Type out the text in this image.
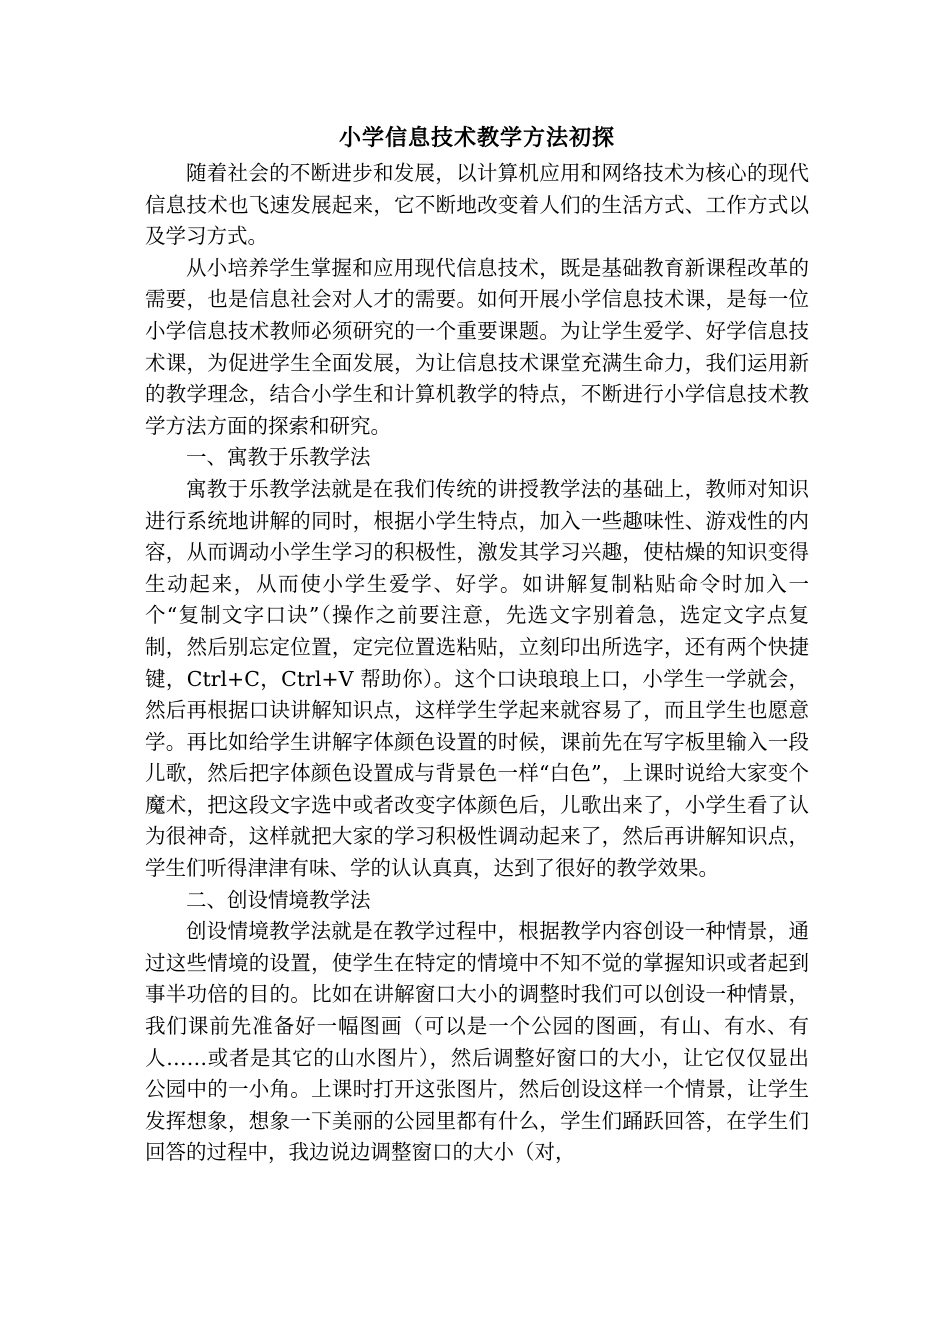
小学信息技术教学方法初探

随着社会的不断进步和发展，以计算机应用和网络技术为核心的现代信息技术也飞速发展起来，它不断地改变着人们的生活方式、工作方式以及学习方式。

从小培养学生掌握和应用现代信息技术，既是基础教育新课程改革的需要，也是信息社会对人才的需要。如何开展小学信息技术课，是每一位小学信息技术教师必须研究的一个重要课题。为让学生爱学、好学信息技术课，为促进学生全面发展，为让信息技术课堂充满生命力，我们运用新的教学理念，结合小学生和计算机教学的特点，不断进行小学信息技术教学方法方面的探索和研究。

一、寓教于乐教学法

寓教于乐教学法就是在我们传统的讲授教学法的基础上，教师对知识进行系统地讲解的同时，根据小学生特点，加入一些趣味性、游戏性的内容，从而调动小学生学习的积极性，激发其学习兴趣，使枯燥的知识变得生动起来，从而使小学生爱学、好学。如讲解复制粘贴命令时加入一个“复制文字口诀”（操作之前要注意，先选文字别着急，选定文字点复制，然后别忘定位置，定完位置选粘贴，立刻印出所选字，还有两个快捷键，Ctrl+C，Ctrl+V 帮助你）。这个口诀琅琅上口，小学生一学就会，然后再根据口诀讲解知识点，这样学生学起来就容易了，而且学生也愿意学。再比如给学生讲解字体颜色设置的时候，课前先在写字板里输入一段儿歌，然后把字体颜色设置成与背景色一样“白色”，上课时说给大家变个魔术，把这段文字选中或者改变字体颜色后，儿歌出来了，小学生看了认为很神奇，这样就把大家的学习积极性调动起来了，然后再讲解知识点，学生们听得津津有味、学的认认真真，达到了很好的教学效果。

二、创设情境教学法

创设情境教学法就是在教学过程中，根据教学内容创设一种情景，通过这些情境的设置，使学生在特定的情境中不知不觉的掌握知识或者起到事半功倍的目的。比如在讲解窗口大小的调整时我们可以创设一种情景，我们课前先准备好一幅图画（可以是一个公园的图画，有山、有水、有人……或者是其它的山水图片），然后调整好窗口的大小，让它仅仅显出公园中的一小角。上课时打开这张图片，然后创设这样一个情景，让学生发挥想象，想象一下美丽的公园里都有什么，学生们踊跃回答，在学生们回答的过程中，我边说边调整窗口的大小（对，
